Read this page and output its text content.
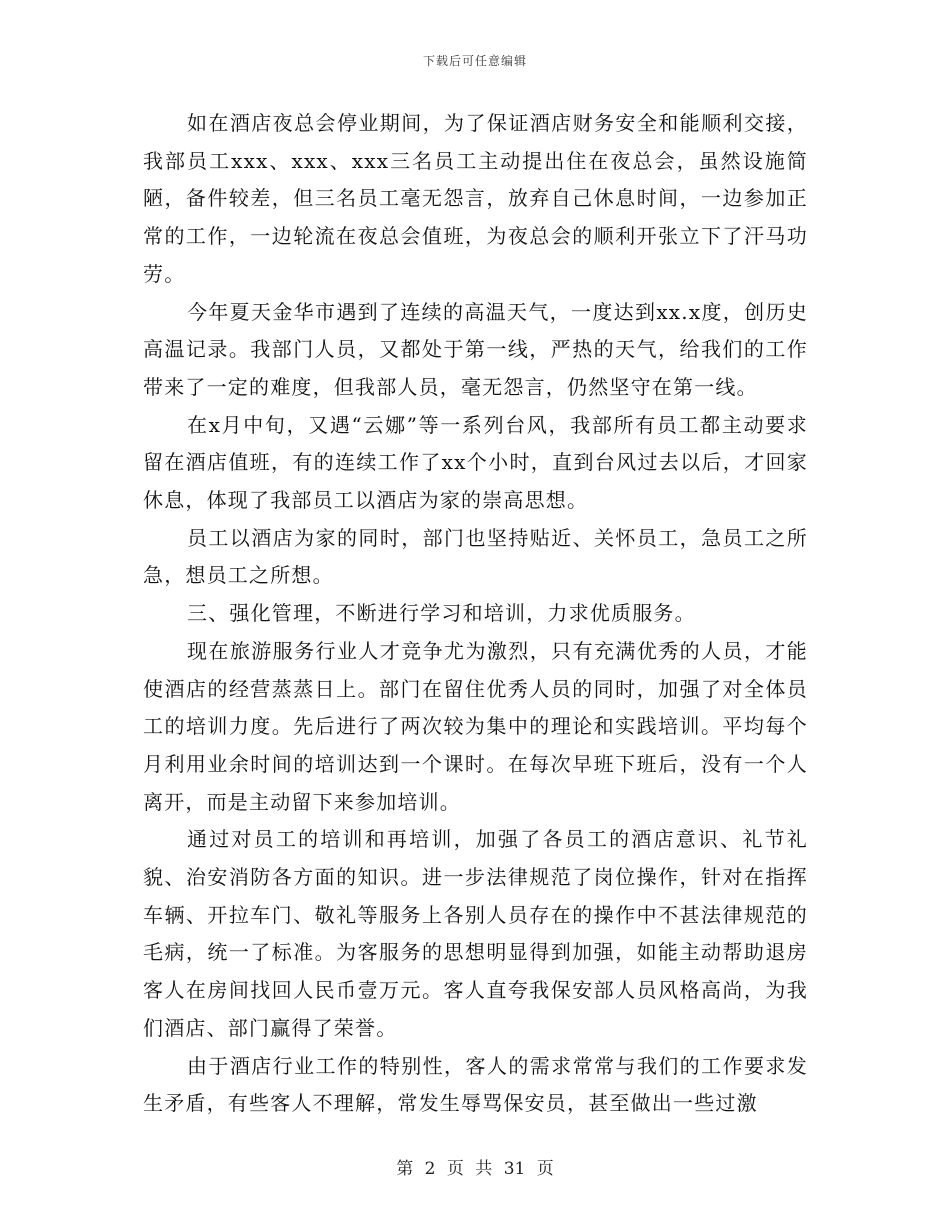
下载后可任意编辑

如在酒店夜总会停业期间，为了保证酒店财务安全和能顺利交接，我部员工xxx、xxx、xxx三名员工主动提出住在夜总会，虽然设施简陋，备件较差，但三名员工毫无怨言，放弃自己休息时间，一边参加正常的工作，一边轮流在夜总会值班，为夜总会的顺利开张立下了汗马功劳。

今年夏天金华市遇到了连续的高温天气，一度达到xx.x度，创历史高温记录。我部门人员，又都处于第一线，严热的天气，给我们的工作带来了一定的难度，但我部人员，毫无怨言，仍然坚守在第一线。

在x月中旬，又遇“云娜”等一系列台风，我部所有员工都主动要求留在酒店值班，有的连续工作了xx个小时，直到台风过去以后，才回家休息，体现了我部员工以酒店为家的崇高思想。

员工以酒店为家的同时，部门也坚持贴近、关怀员工，急员工之所急，想员工之所想。

三、强化管理，不断进行学习和培训，力求优质服务。

现在旅游服务行业人才竞争尤为激烈，只有充满优秀的人员，才能使酒店的经营蒸蒸日上。部门在留住优秀人员的同时，加强了对全体员工的培训力度。先后进行了两次较为集中的理论和实践培训。平均每个月利用业余时间的培训达到一个课时。在每次早班下班后，没有一个人离开，而是主动留下来参加培训。

通过对员工的培训和再培训，加强了各员工的酒店意识、礼节礼貌、治安消防各方面的知识。进一步法律规范了岗位操作，针对在指挥车辆、开拉车门、敬礼等服务上各别人员存在的操作中不甚法律规范的毛病，统一了标准。为客服务的思想明显得到加强，如能主动帮助退房客人在房间找回人民币壹万元。客人直夸我保安部人员风格高尚，为我们酒店、部门赢得了荣誉。

由于酒店行业工作的特别性，客人的需求常常与我们的工作要求发生矛盾，有些客人不理解，常发生辱骂保安员，甚至做出一些过激

第 2 页 共 31 页
